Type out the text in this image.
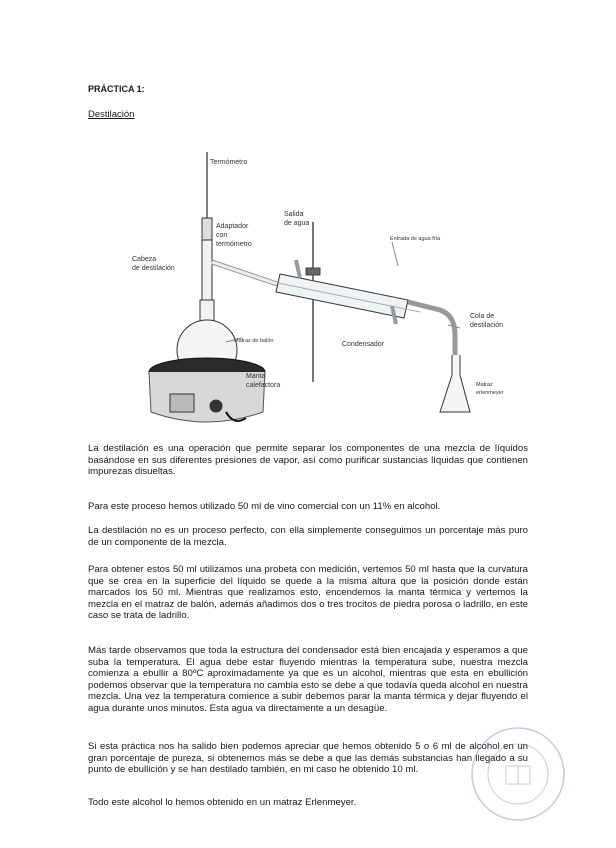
PRÁCTICA 1:
Destilación
Termómetro
Adaptador
con
termómetro
Salida
de agua
Entrada de agua fría
Cabeza
de destilación
Cola de
destilación
Matraz de balón	Condensador
Manta
calefactora	Matraz
erlenmeyer

La destilación es una operación que permite separar los componentes de una mezcla de líquidos basándose en sus diferentes presiones de vapor, así como purificar sustancias líquidas que contienen impurezas disueltas.

Para este proceso hemos utilizado 50 ml de vino comercial con un 11% en alcohol.

La destilación no es un proceso perfecto, con ella simplemente conseguimos un porcentaje más puro de un componente de la mezcla.

Para obtener estos 50 ml utilizamos una probeta con medición, vertemos 50 ml hasta que la curvatura que se crea en la superficie del líquido se quede a la misma altura que la posición donde están marcados los 50 ml. Mientras que realizamos esto, encendemos la manta térmica y vertemos la mezcla en el matraz de balón, además añadimos dos o tres trocitos de piedra porosa o ladrillo, en este caso se trata de ladrillo.

Más tarde observamos que toda la estructura del condensador está bien encajada y esperamos a que suba la temperatura. El agua debe estar fluyendo mientras la temperatura sube, nuestra mezcla comienza a ebullir a 80ºC aproximadamente ya que es un alcohol, mientras que esta en ebullición podemos observar que la temperatura no cambia esto se debe a que todavía queda alcohol en nuestra mezcla. Una vez la temperatura comience a subir debemos parar la manta térmica y dejar fluyendo el agua durante unos minutos. Esta agua va directamente a un desagüe.

Si esta práctica nos ha salido bien podemos apreciar que hemos obtenido 5 o 6 ml de alcohol en un gran porcentaje de pureza, si obtenemos más se debe a que las demás substancias han llegado a su punto de ebullición y se han destilado también, en mi caso he obtenido 10 ml.

Todo este alcohol lo hemos obtenido en un matraz Erlenmeyer.
